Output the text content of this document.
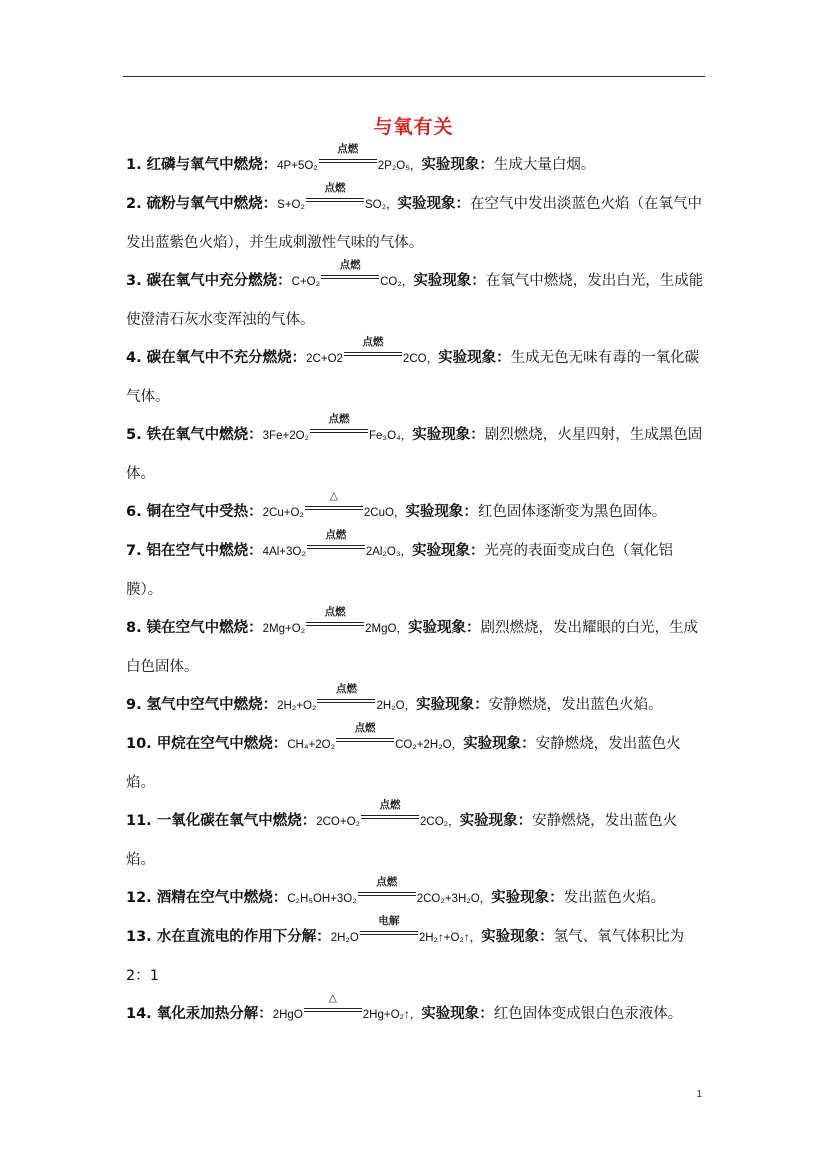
与氧有关
1. 红磷与氧气中燃烧：4P+5O₂
点燃
2P₂O₅，实验现象：生成大量白烟。
2. 硫粉与氧气中燃烧：S+O₂
点燃
SO₂，实验现象：在空气中发出淡蓝色火焰（在氧气中发出蓝紫色火焰），并生成刺激性气味的气体。
3. 碳在氧气中充分燃烧：C+O₂
点燃
CO₂，实验现象：在氧气中燃烧，发出白光，生成能使澄清石灰水变浑浊的气体。
4. 碳在氧气中不充分燃烧：2C+O2
点燃
2CO，实验现象：生成无色无味有毒的一氧化碳气体。
5. 铁在氧气中燃烧：3Fe+2O₂
点燃
Fe₃O₄，实验现象：剧烈燃烧，火星四射，生成黑色固体。
6. 铜在空气中受热：2Cu+O₂
△
2CuO，实验现象：红色固体逐渐变为黑色固体。
7. 铝在空气中燃烧：4Al+3O₂
点燃
2Al₂O₃，实验现象：光亮的表面变成白色（氧化铝膜）。
8. 镁在空气中燃烧：2Mg+O₂
点燃
2MgO，实验现象：剧烈燃烧，发出耀眼的白光，生成白色固体。
9. 氢气中空气中燃烧：2H₂+O₂
点燃
2H₂O，实验现象：安静燃烧，发出蓝色火焰。
10. 甲烷在空气中燃烧：CH₄+2O₂
点燃
CO₂+2H₂O，实验现象：安静燃烧，发出蓝色火焰。
11. 一氧化碳在氧气中燃烧：2CO+O₂
点燃
2CO₂，实验现象：安静燃烧，发出蓝色火焰。
12. 酒精在空气中燃烧：C₂H₅OH+3O₂
点燃
2CO₂+3H₂O，实验现象：发出蓝色火焰。
13. 水在直流电的作用下分解：2H₂O
电解
2H₂↑+O₂↑，实验现象：氢气、氧气体积比为 2：1
14. 氧化汞加热分解：2HgO
△
2Hg+O₂↑，实验现象：红色固体变成银白色汞液体。
1
